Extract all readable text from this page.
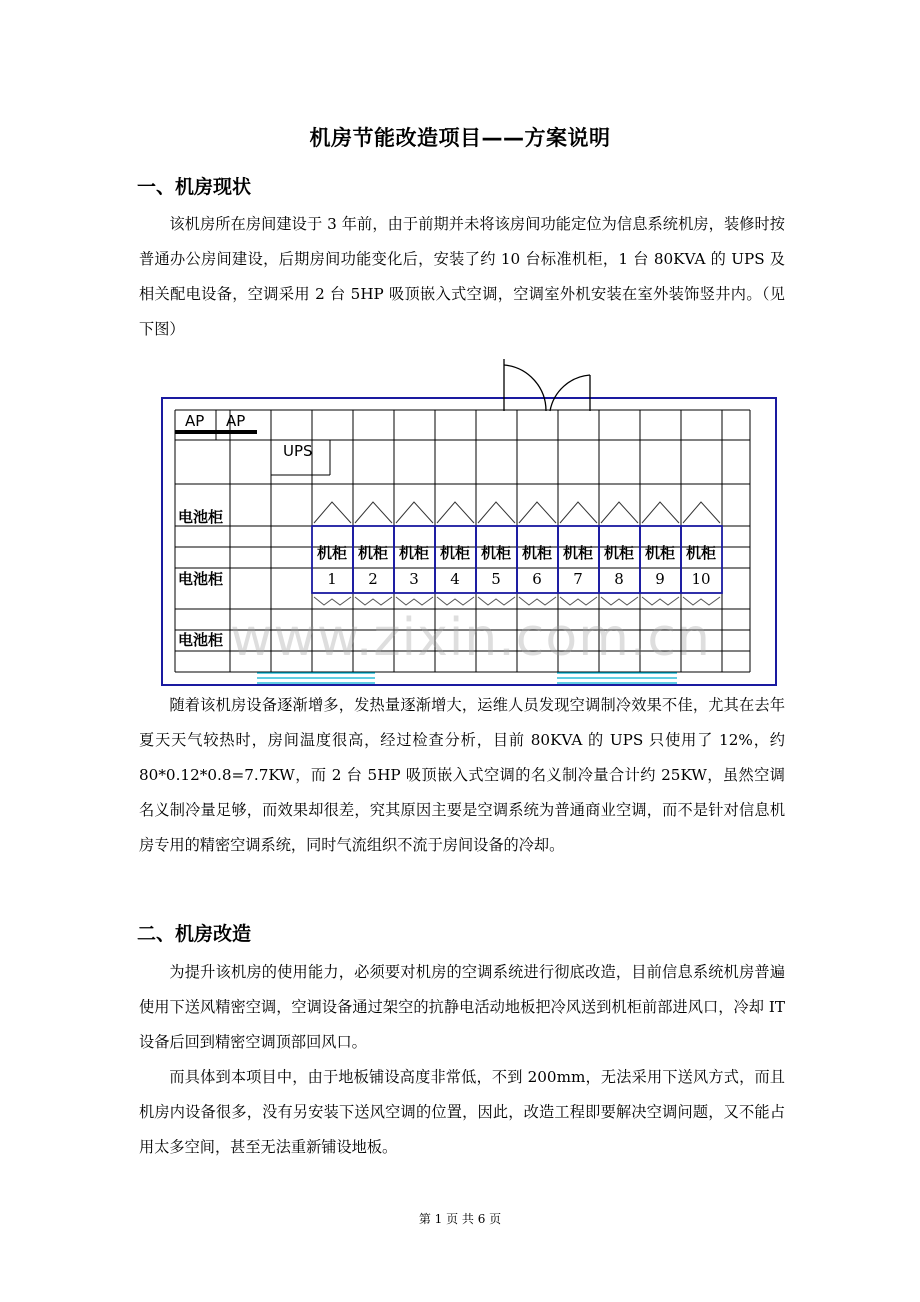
机房节能改造项目——方案说明
一、机房现状

该机房所在房间建设于 3 年前，由于前期并未将该房间功能定位为信息系统机房，装修时按普通办公房间建设，后期房间功能变化后，安装了约 10 台标准机柜，1 台 80KVA 的 UPS 及相关配电设备，空调采用 2 台 5HP 吸顶嵌入式空调，空调室外机安装在室外装饰竖井内。（见下图）

AP AP
UPS
电池柜
电池柜
电池柜
机柜
1
机柜
2
机柜
3
机柜
4
机柜
5
机柜
6
机柜
7
机柜
8
机柜
9
机柜
10
www.zixin.com.cn

随着该机房设备逐渐增多，发热量逐渐增大，运维人员发现空调制冷效果不佳，尤其在去年夏天天气较热时，房间温度很高，经过检查分析，目前 80KVA 的 UPS 只使用了 12%，约 80*0.12*0.8=7.7KW，而 2 台 5HP 吸顶嵌入式空调的名义制冷量合计约 25KW，虽然空调名义制冷量足够，而效果却很差，究其原因主要是空调系统为普通商业空调，而不是针对信息机房专用的精密空调系统，同时气流组织不流于房间设备的冷却。

二、机房改造

为提升该机房的使用能力，必须要对机房的空调系统进行彻底改造，目前信息系统机房普遍使用下送风精密空调，空调设备通过架空的抗静电活动地板把冷风送到机柜前部进风口，冷却 IT 设备后回到精密空调顶部回风口。

而具体到本项目中，由于地板铺设高度非常低，不到 200mm，无法采用下送风方式，而且机房内设备很多，没有另安装下送风空调的位置，因此，改造工程即要解决空调问题，又不能占用太多空间，甚至无法重新铺设地板。

第 1 页 共 6 页
